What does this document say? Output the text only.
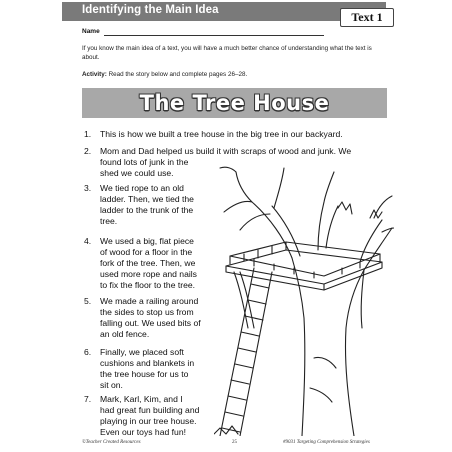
Identifying the Main Idea	Text 1
Name
If you know the main idea of a text, you will have a much better chance of understanding what the text is about.
Activity: Read the story below and complete pages 26–28.
The Tree House
1.	This is how we built a tree house in the big tree in our backyard.
2.	Mom and Dad helped us build it with scraps of wood and junk. We
found lots of junk in the
shed we could use.
3.	We tied rope to an old
ladder. Then, we tied the
ladder to the trunk of the
tree.
4.	We used a big, flat piece
of wood for a floor in the
fork of the tree. Then, we
used more rope and nails
to fix the floor to the tree.
5.	We made a railing around
the sides to stop us from
falling out. We used bits of
an old fence.
6.	Finally, we placed soft
cushions and blankets in
the tree house for us to
sit on.
7.	Mark, Karl, Kim, and I
had great fun building and
playing in our tree house.
Even our toys had fun!
©Teacher Created Resources	25	#9031 Targeting Comprehension Strategies
